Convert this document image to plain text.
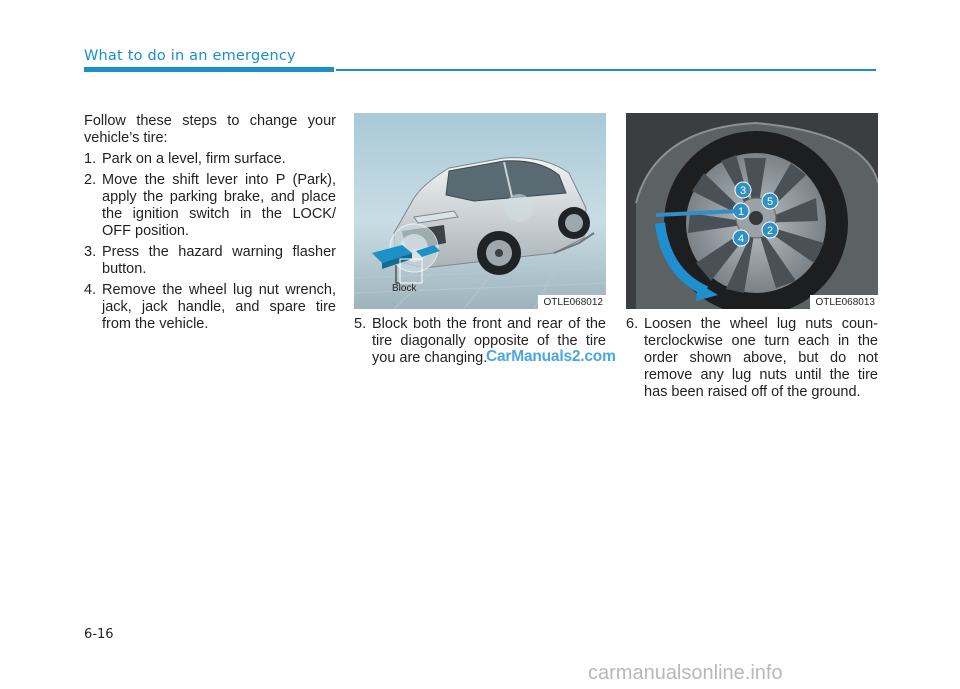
What to do in an emergency

Follow these steps to change your vehicle’s tire:

1. Park on a level, firm surface.
2. Move the shift lever into P (Park), apply the parking brake, and place the ignition switch in the LOCK/ OFF position.
3. Press the hazard warning flasher button.
4. Remove the wheel lug nut wrench, jack, jack handle, and spare tire from the vehicle.
Block
OTLE068012
1
2
3
4
5
OTLE068013
5. Block both the front and rear of the tire diagonally opposite of the tire you are changing.
6. Loosen the wheel lug nuts coun-terclockwise one turn each in the order shown above, but do not remove any lug nuts until the tire has been raised off of the ground.
CarManuals2.com
6-16
carmanualsonline.info
